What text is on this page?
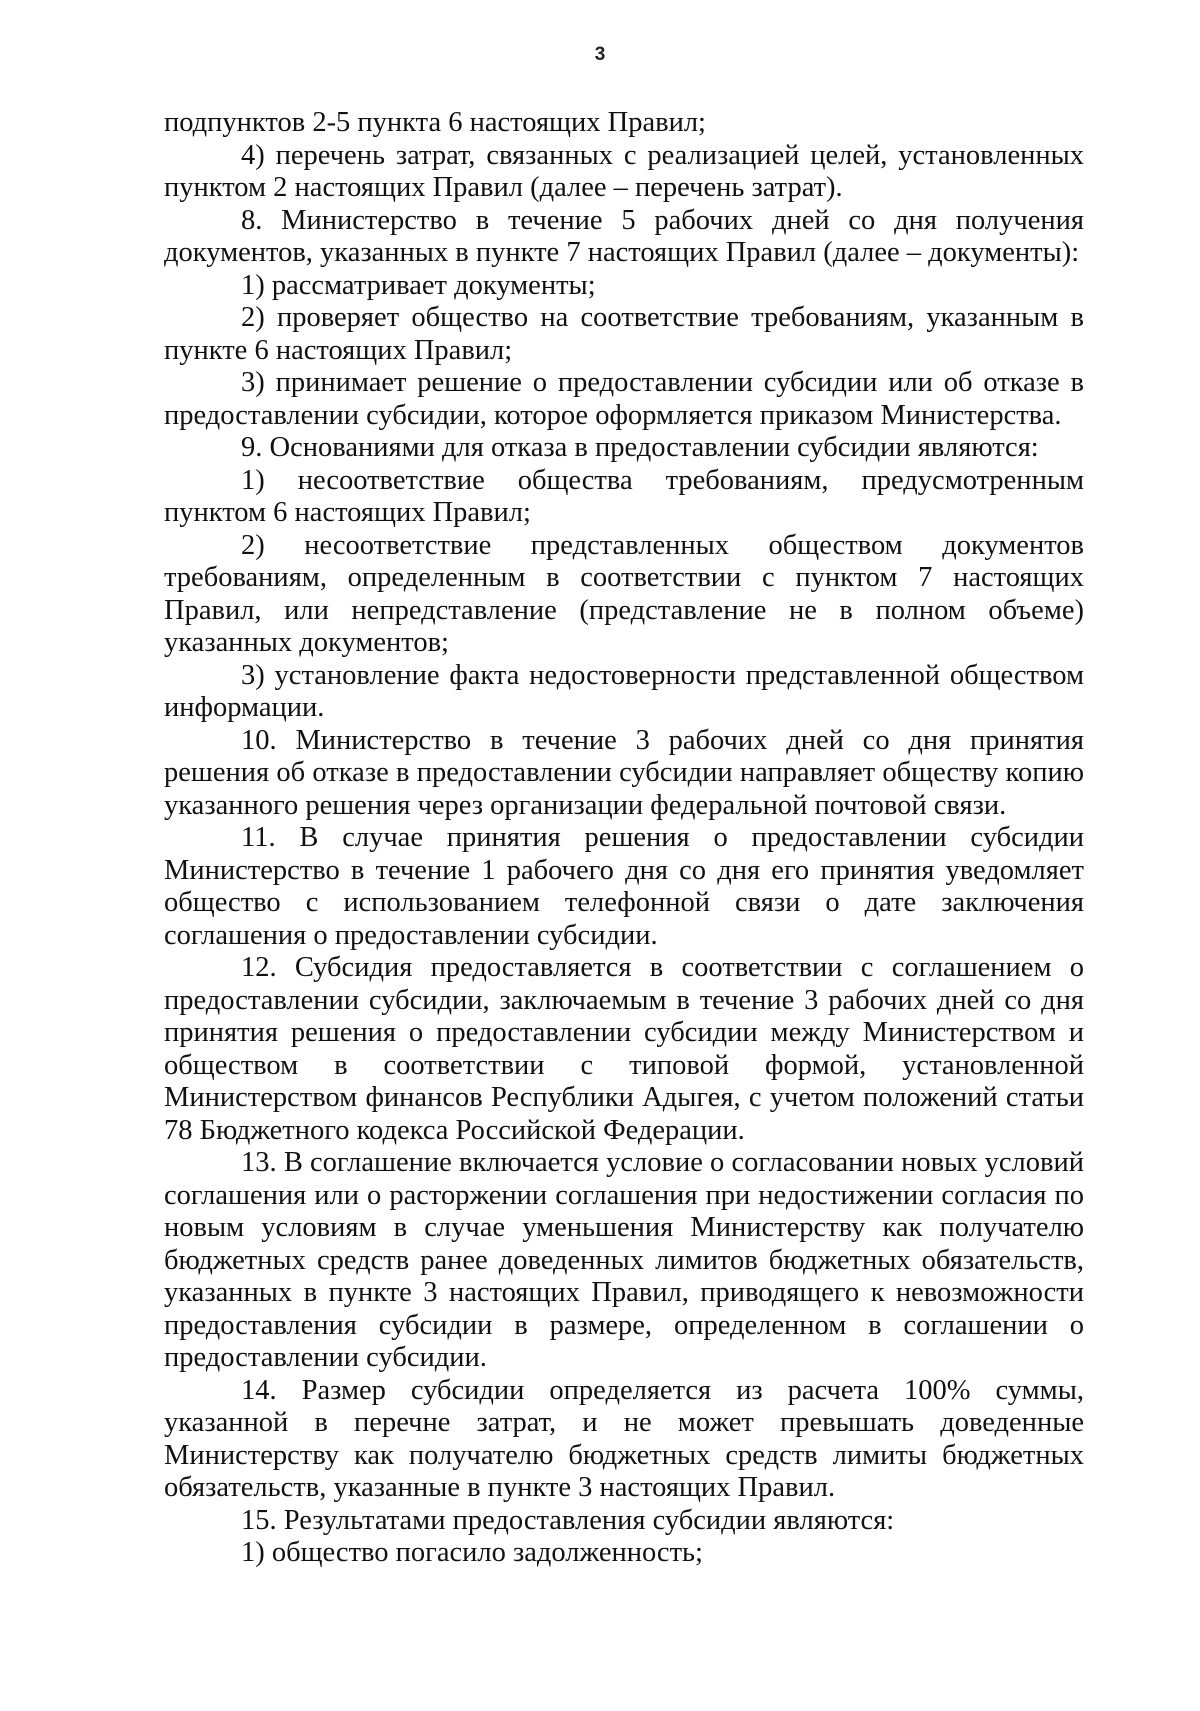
3

подпунктов 2-5 пункта 6 настоящих Правил;

4) перечень затрат, связанных с реализацией целей, установленных пунктом 2 настоящих Правил (далее – перечень затрат).

8. Министерство в течение 5 рабочих дней со дня получения документов, указанных в пункте 7 настоящих Правил (далее – документы):

1) рассматривает документы;

2) проверяет общество на соответствие требованиям, указанным в пункте 6 настоящих Правил;

3) принимает решение о предоставлении субсидии или об отказе в предоставлении субсидии, которое оформляется приказом Министерства.

9. Основаниями для отказа в предоставлении субсидии являются:

1) несоответствие общества требованиям, предусмотренным пунктом 6 настоящих Правил;

2) несоответствие представленных обществом документов требованиям, определенным в соответствии с пунктом 7 настоящих Правил, или непредставление (представление не в полном объеме) указанных документов;

3) установление факта недостоверности представленной обществом информации.

10. Министерство в течение 3 рабочих дней со дня принятия решения об отказе в предоставлении субсидии направляет обществу копию указанного решения через организации федеральной почтовой связи.

11. В случае принятия решения о предоставлении субсидии Министерство в течение 1 рабочего дня со дня его принятия уведомляет общество с использованием телефонной связи о дате заключения соглашения о предоставлении субсидии.

12. Субсидия предоставляется в соответствии с соглашением о предоставлении субсидии, заключаемым в течение 3 рабочих дней со дня принятия решения о предоставлении субсидии между Министерством и обществом в соответствии с типовой формой, установленной Министерством финансов Республики Адыгея, с учетом положений статьи 78 Бюджетного кодекса Российской Федерации.

13. В соглашение включается условие о согласовании новых условий соглашения или о расторжении соглашения при недостижении согласия по новым условиям в случае уменьшения Министерству как получателю бюджетных средств ранее доведенных лимитов бюджетных обязательств, указанных в пункте 3 настоящих Правил, приводящего к невозможности предоставления субсидии в размере, определенном в соглашении о предоставлении субсидии.

14. Размер субсидии определяется из расчета 100% суммы, указанной в перечне затрат, и не может превышать доведенные Министерству как получателю бюджетных средств лимиты бюджетных обязательств, указанные в пункте 3 настоящих Правил.

15. Результатами предоставления субсидии являются:

1) общество погасило задолженность;
